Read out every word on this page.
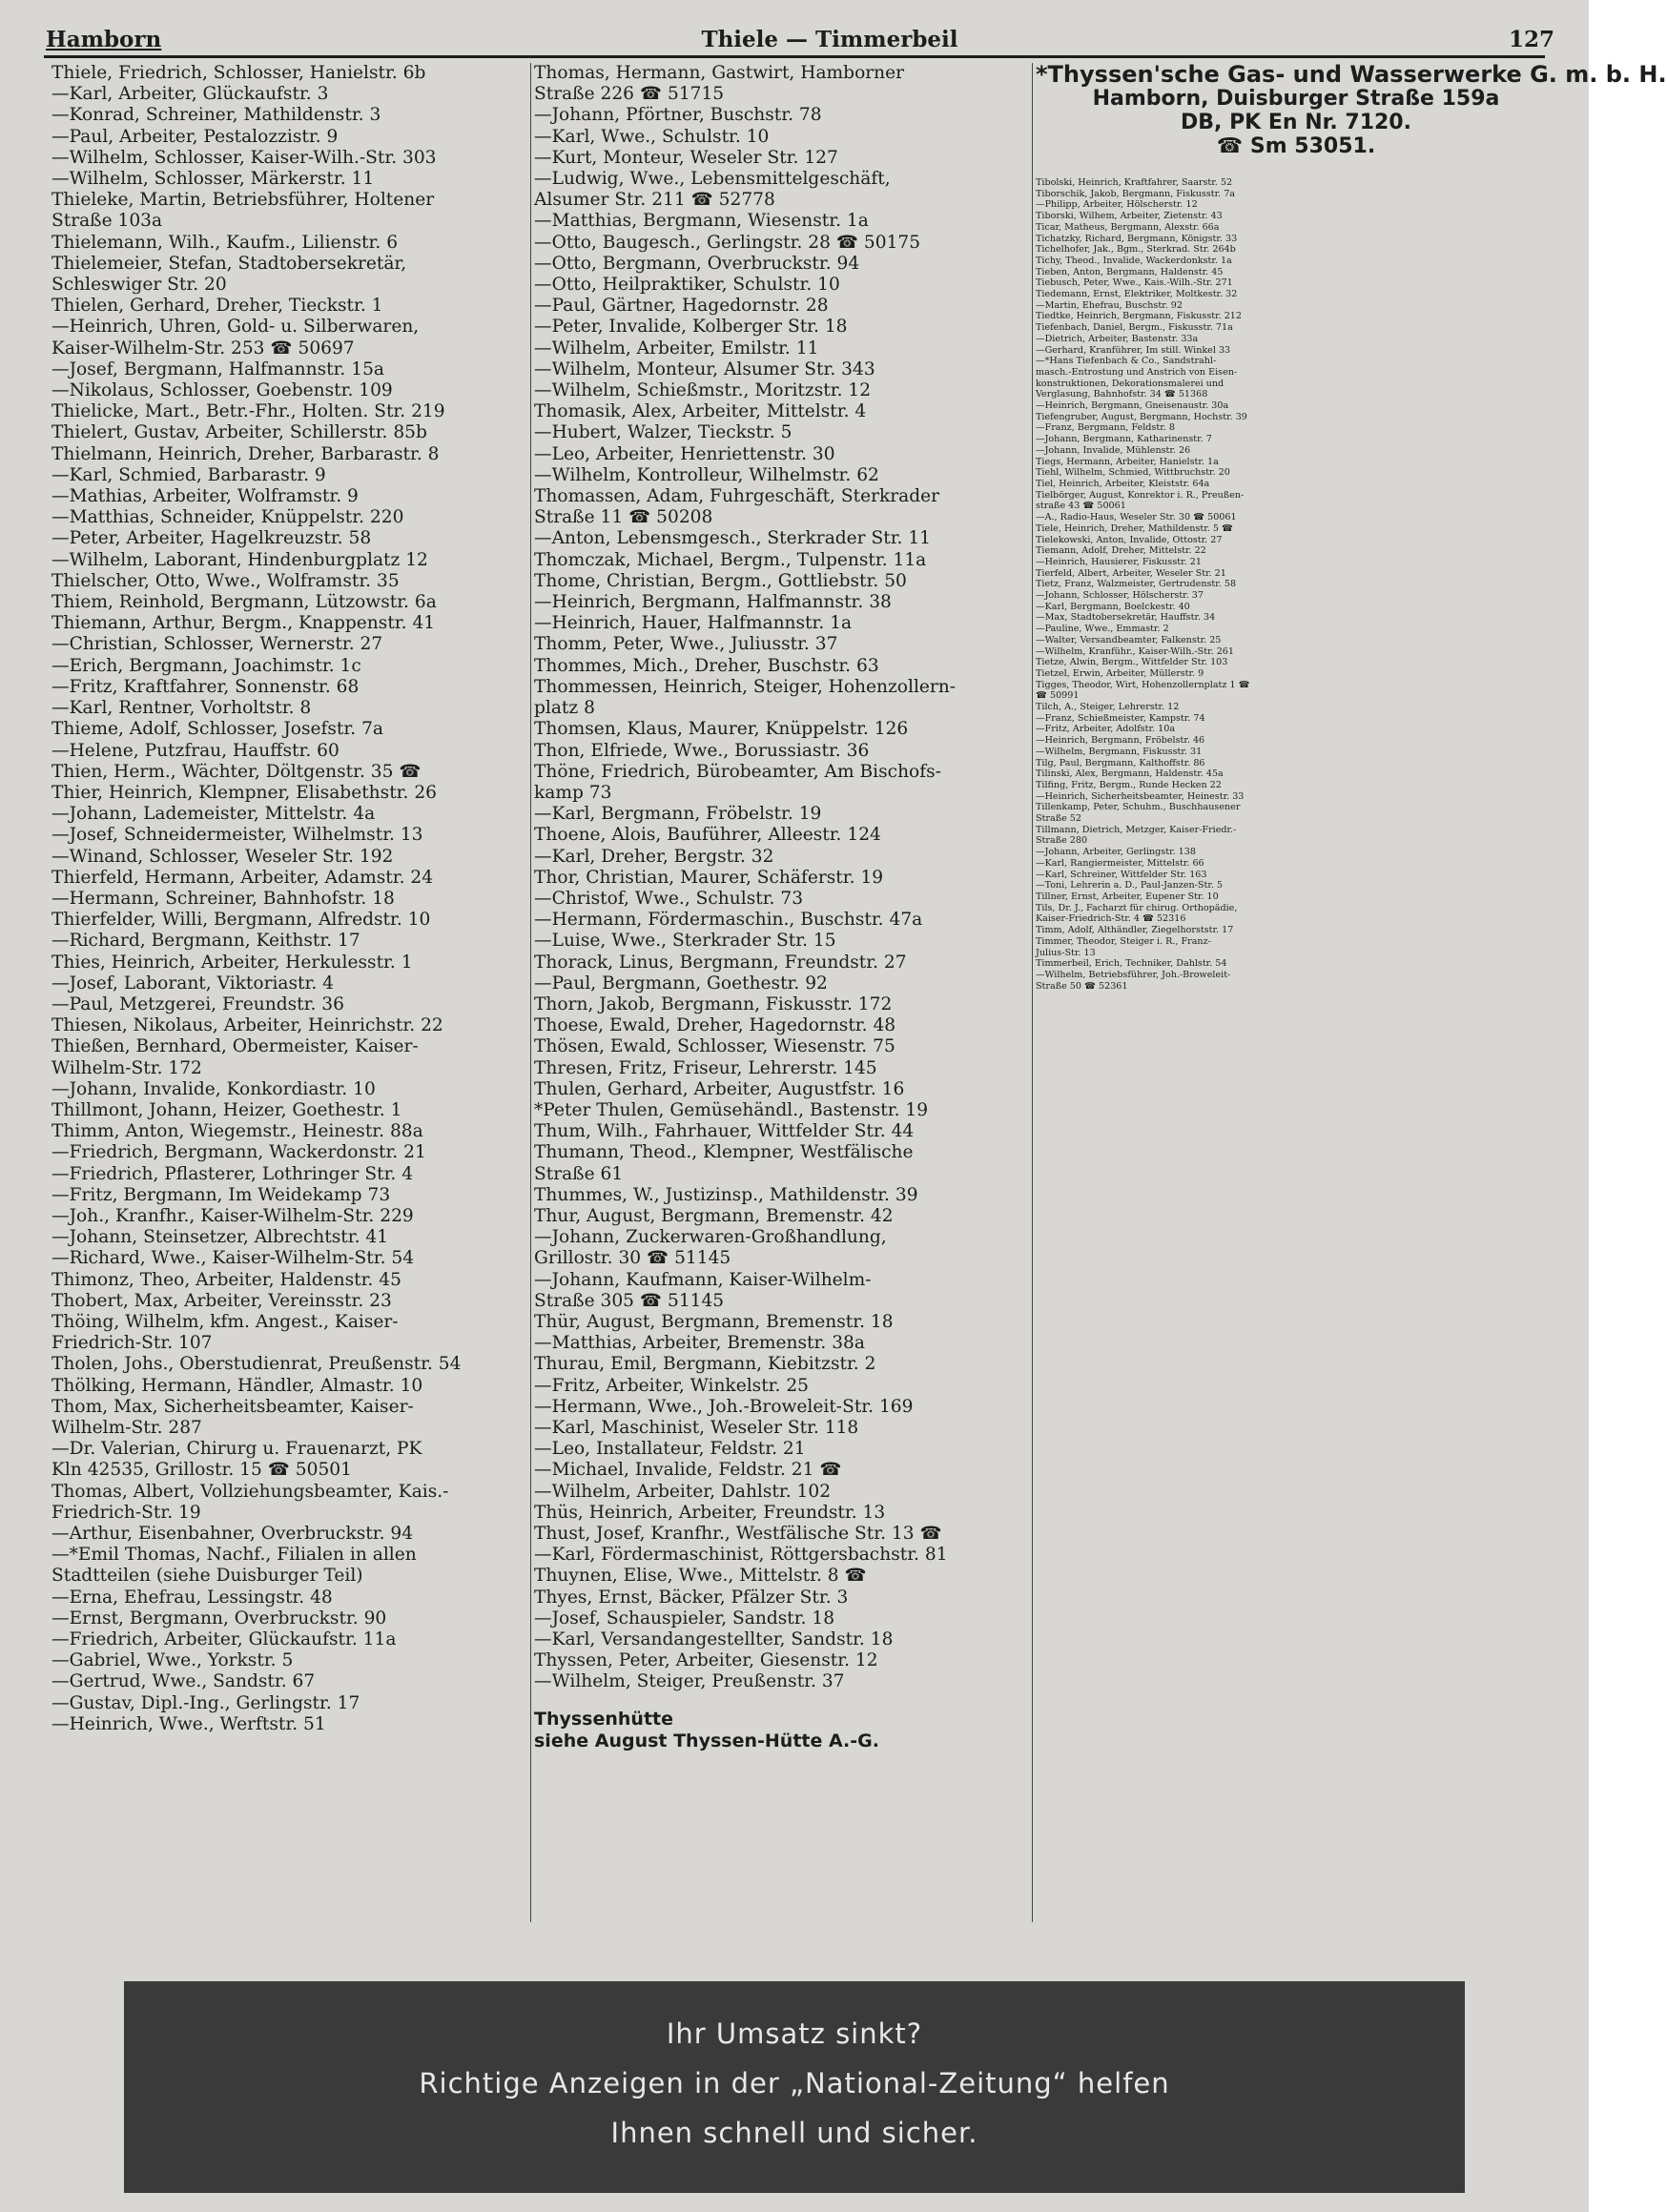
Hamborn	Thiele — Timmerbeil	127
Thiele, Friedrich, Schlosser, Hanielstr. 6b
—Karl, Arbeiter, Glückaufstr. 3
—Konrad, Schreiner, Mathildenstr. 3
—Paul, Arbeiter, Pestalozzistr. 9
—Wilhelm, Schlosser, Kaiser-Wilh.-Str. 303
—Wilhelm, Schlosser, Märkerstr. 11
Thieleke, Martin, Betriebsführer, Holtener
Straße 103a
Thielemann, Wilh., Kaufm., Lilienstr. 6
Thielemeier, Stefan, Stadtobersekretär,
Schleswiger Str. 20
Thielen, Gerhard, Dreher, Tieckstr. 1
—Heinrich, Uhren, Gold- u. Silberwaren,
Kaiser-Wilhelm-Str. 253 ☎ 50697
—Josef, Bergmann, Halfmannstr. 15a
—Nikolaus, Schlosser, Goebenstr. 109
Thielicke, Mart., Betr.-Fhr., Holten. Str. 219
Thielert, Gustav, Arbeiter, Schillerstr. 85b
Thielmann, Heinrich, Dreher, Barbarastr. 8
—Karl, Schmied, Barbarastr. 9
—Mathias, Arbeiter, Wolframstr. 9
—Matthias, Schneider, Knüppelstr. 220
—Peter, Arbeiter, Hagelkreuzstr. 58
—Wilhelm, Laborant, Hindenburgplatz 12
Thielscher, Otto, Wwe., Wolframstr. 35
Thiem, Reinhold, Bergmann, Lützowstr. 6a
Thiemann, Arthur, Bergm., Knappenstr. 41
—Christian, Schlosser, Wernerstr. 27
—Erich, Bergmann, Joachimstr. 1c
—Fritz, Kraftfahrer, Sonnenstr. 68
—Karl, Rentner, Vorholtstr. 8
Thieme, Adolf, Schlosser, Josefstr. 7a
—Helene, Putzfrau, Hauffstr. 60
Thien, Herm., Wächter, Döltgenstr. 35 ☎
Thier, Heinrich, Klempner, Elisabethstr. 26
—Johann, Lademeister, Mittelstr. 4a
—Josef, Schneidermeister, Wilhelmstr. 13
—Winand, Schlosser, Weseler Str. 192
Thierfeld, Hermann, Arbeiter, Adamstr. 24
—Hermann, Schreiner, Bahnhofstr. 18
Thierfelder, Willi, Bergmann, Alfredstr. 10
—Richard, Bergmann, Keithstr. 17
Thies, Heinrich, Arbeiter, Herkulesstr. 1
—Josef, Laborant, Viktoriastr. 4
—Paul, Metzgerei, Freundstr. 36
Thiesen, Nikolaus, Arbeiter, Heinrichstr. 22
Thießen, Bernhard, Obermeister, Kaiser-
Wilhelm-Str. 172
—Johann, Invalide, Konkordiastr. 10
Thillmont, Johann, Heizer, Goethestr. 1
Thimm, Anton, Wiegemstr., Heinestr. 88a
—Friedrich, Bergmann, Wackerdonstr. 21
—Friedrich, Pflasterer, Lothringer Str. 4
—Fritz, Bergmann, Im Weidekamp 73
—Joh., Kranfhr., Kaiser-Wilhelm-Str. 229
—Johann, Steinsetzer, Albrechtstr. 41
—Richard, Wwe., Kaiser-Wilhelm-Str. 54
Thimonz, Theo, Arbeiter, Haldenstr. 45
Thobert, Max, Arbeiter, Vereinsstr. 23
Thöing, Wilhelm, kfm. Angest., Kaiser-
Friedrich-Str. 107
Tholen, Johs., Oberstudienrat, Preußenstr. 54
Thölking, Hermann, Händler, Almastr. 10
Thom, Max, Sicherheitsbeamter, Kaiser-
Wilhelm-Str. 287
—Dr. Valerian, Chirurg u. Frauenarzt, PK
Kln 42535, Grillostr. 15 ☎ 50501
Thomas, Albert, Vollziehungsbeamter, Kais.-
Friedrich-Str. 19
—Arthur, Eisenbahner, Overbruckstr. 94
—*Emil Thomas, Nachf., Filialen in allen
Stadtteilen (siehe Duisburger Teil)
—Erna, Ehefrau, Lessingstr. 48
—Ernst, Bergmann, Overbruckstr. 90
—Friedrich, Arbeiter, Glückaufstr. 11a
—Gabriel, Wwe., Yorkstr. 5
—Gertrud, Wwe., Sandstr. 67
—Gustav, Dipl.-Ing., Gerlingstr. 17
—Heinrich, Wwe., Werftstr. 51
Thomas, Hermann, Gastwirt, Hamborner
Straße 226 ☎ 51715
—Johann, Pförtner, Buschstr. 78
—Karl, Wwe., Schulstr. 10
—Kurt, Monteur, Weseler Str. 127
—Ludwig, Wwe., Lebensmittelgeschäft,
Alsumer Str. 211 ☎ 52778
—Matthias, Bergmann, Wiesenstr. 1a
—Otto, Baugesch., Gerlingstr. 28 ☎ 50175
—Otto, Bergmann, Overbruckstr. 94
—Otto, Heilpraktiker, Schulstr. 10
—Paul, Gärtner, Hagedornstr. 28
—Peter, Invalide, Kolberger Str. 18
—Wilhelm, Arbeiter, Emilstr. 11
—Wilhelm, Monteur, Alsumer Str. 343
—Wilhelm, Schießmstr., Moritzstr. 12
Thomasik, Alex, Arbeiter, Mittelstr. 4
—Hubert, Walzer, Tieckstr. 5
—Leo, Arbeiter, Henriettenstr. 30
—Wilhelm, Kontrolleur, Wilhelmstr. 62
Thomassen, Adam, Fuhrgeschäft, Sterkrader
Straße 11 ☎ 50208
—Anton, Lebensmgesch., Sterkrader Str. 11
Thomczak, Michael, Bergm., Tulpenstr. 11a
Thome, Christian, Bergm., Gottliebstr. 50
—Heinrich, Bergmann, Halfmannstr. 38
—Heinrich, Hauer, Halfmannstr. 1a
Thomm, Peter, Wwe., Juliusstr. 37
Thommes, Mich., Dreher, Buschstr. 63
Thommessen, Heinrich, Steiger, Hohenzollern-
platz 8
Thomsen, Klaus, Maurer, Knüppelstr. 126
Thon, Elfriede, Wwe., Borussiastr. 36
Thöne, Friedrich, Bürobeamter, Am Bischofs-
kamp 73
—Karl, Bergmann, Fröbelstr. 19
Thoene, Alois, Bauführer, Alleestr. 124
—Karl, Dreher, Bergstr. 32
Thor, Christian, Maurer, Schäferstr. 19
—Christof, Wwe., Schulstr. 73
—Hermann, Fördermaschin., Buschstr. 47a
—Luise, Wwe., Sterkrader Str. 15
Thorack, Linus, Bergmann, Freundstr. 27
—Paul, Bergmann, Goethestr. 92
Thorn, Jakob, Bergmann, Fiskusstr. 172
Thoese, Ewald, Dreher, Hagedornstr. 48
Thösen, Ewald, Schlosser, Wiesenstr. 75
Thresen, Fritz, Friseur, Lehrerstr. 145
Thulen, Gerhard, Arbeiter, Augustfstr. 16
*Peter Thulen, Gemüsehändl., Bastenstr. 19
Thum, Wilh., Fahrhauer, Wittfelder Str. 44
Thumann, Theod., Klempner, Westfälische
Straße 61
Thummes, W., Justizinsp., Mathildenstr. 39
Thur, August, Bergmann, Bremenstr. 42
—Johann, Zuckerwaren-Großhandlung,
Grillostr. 30 ☎ 51145
—Johann, Kaufmann, Kaiser-Wilhelm-
Straße 305 ☎ 51145
Thür, August, Bergmann, Bremenstr. 18
—Matthias, Arbeiter, Bremenstr. 38a
Thurau, Emil, Bergmann, Kiebitzstr. 2
—Fritz, Arbeiter, Winkelstr. 25
—Hermann, Wwe., Joh.-Broweleit-Str. 169
—Karl, Maschinist, Weseler Str. 118
—Leo, Installateur, Feldstr. 21
—Michael, Invalide, Feldstr. 21 ☎
—Wilhelm, Arbeiter, Dahlstr. 102
Thüs, Heinrich, Arbeiter, Freundstr. 13
Thust, Josef, Kranfhr., Westfälische Str. 13 ☎
—Karl, Fördermaschinist, Röttgersbachstr. 81
Thuynen, Elise, Wwe., Mittelstr. 8 ☎
Thyes, Ernst, Bäcker, Pfälzer Str. 3
—Josef, Schauspieler, Sandstr. 18
—Karl, Versandangestellter, Sandstr. 18
Thyssen, Peter, Arbeiter, Giesenstr. 12
—Wilhelm, Steiger, Preußenstr. 37
Thyssenhütte
siehe August Thyssen-Hütte A.-G.
*Thyssen'sche Gas- und Wasserwerke G. m. b. H.
Hamborn, Duisburger Straße 159a
DB, PK En Nr. 7120.
☎ Sm 53051.
Tibolski, Heinrich, Kraftfahrer, Saarstr. 52
Tiborschik, Jakob, Bergmann, Fiskusstr. 7a
—Philipp, Arbeiter, Hölscherstr. 12
Tiborski, Wilhem, Arbeiter, Zietenstr. 43
Ticar, Matheus, Bergmann, Alexstr. 66a
Tichatzky, Richard, Bergmann, Königstr. 33
Tichelhofer, Jak., Bgm., Sterkrad. Str. 264b
Tichy, Theod., Invalide, Wackerdonkstr. 1a
Tieben, Anton, Bergmann, Haldenstr. 45
Tiebusch, Peter, Wwe., Kais.-Wilh.-Str. 271
Tiedemann, Ernst, Elektriker, Moltkestr. 32
—Martin, Ehefrau, Buschstr. 92
Tiedtke, Heinrich, Bergmann, Fiskusstr. 212
Tiefenbach, Daniel, Bergm., Fiskusstr. 71a
—Dietrich, Arbeiter, Bastenstr. 33a
—Gerhard, Kranführer, Im still. Winkel 33
—*Hans Tiefenbach & Co., Sandstrahl-
masch.-Entrostung und Anstrich von Eisen-
konstruktionen, Dekorationsmalerei und
Verglasung, Bahnhofstr. 34 ☎ 51368
—Heinrich, Bergmann, Gneisenaustr. 30a
Tiefengruber, August, Bergmann, Hochstr. 39
—Franz, Bergmann, Feldstr. 8
—Johann, Bergmann, Katharinenstr. 7
—Johann, Invalide, Mühlenstr. 26
Tiegs, Hermann, Arbeiter, Hanielstr. 1a
Tiehl, Wilhelm, Schmied, Wittbruchstr. 20
Tiel, Heinrich, Arbeiter, Kleiststr. 64a
Tielbörger, August, Konrektor i. R., Preußen-
straße 43 ☎ 50061
—A., Radio-Haus, Weseler Str. 30 ☎ 50061
Tiele, Heinrich, Dreher, Mathildenstr. 5 ☎
Tielekowski, Anton, Invalide, Ottostr. 27
Tiemann, Adolf, Dreher, Mittelstr. 22
—Heinrich, Hausierer, Fiskusstr. 21
Tierfeld, Albert, Arbeiter, Weseler Str. 21
Tietz, Franz, Walzmeister, Gertrudenstr. 58
—Johann, Schlosser, Hölscherstr. 37
—Karl, Bergmann, Boelckestr. 40
—Max, Stadtobersekretär, Hauffstr. 34
—Pauline, Wwe., Emmastr. 2
—Walter, Versandbeamter, Falkenstr. 25
—Wilhelm, Kranführ., Kaiser-Wilh.-Str. 261
Tietze, Alwin, Bergm., Wittfelder Str. 103
Tietzel, Erwin, Arbeiter, Müllerstr. 9
Tigges, Theodor, Wirt, Hohenzollernplatz 1 ☎
☎ 50991
Tilch, A., Steiger, Lehrerstr. 12
—Franz, Schießmeister, Kampstr. 74
—Fritz, Arbeiter, Adolfstr. 10a
—Heinrich, Bergmann, Fröbelstr. 46
—Wilhelm, Bergmann, Fiskusstr. 31
Tilg, Paul, Bergmann, Kalthoffstr. 86
Tilinski, Alex, Bergmann, Haldenstr. 45a
Tilfing, Fritz, Bergm., Runde Hecken 22
—Heinrich, Sicherheitsbeamter, Heinestr. 33
Tillenkamp, Peter, Schuhm., Buschhausener
Straße 52
Tillmann, Dietrich, Metzger, Kaiser-Friedr.-
Straße 280
—Johann, Arbeiter, Gerlingstr. 138
—Karl, Rangiermeister, Mittelstr. 66
—Karl, Schreiner, Wittfelder Str. 163
—Toni, Lehrerin a. D., Paul-Janzen-Str. 5
Tillner, Ernst, Arbeiter, Eupener Str. 10
Tils, Dr. J., Facharzt für chirug. Orthopädie,
Kaiser-Friedrich-Str. 4 ☎ 52316
Timm, Adolf, Althändler, Ziegelhorststr. 17
Timmer, Theodor, Steiger i. R., Franz-
Julius-Str. 13
Timmerbeil, Erich, Techniker, Dahlstr. 54
—Wilhelm, Betriebsführer, Joh.-Broweleit-
Straße 50 ☎ 52361
Ihr Umsatz sinkt?
Richtige Anzeigen in der „National-Zeitung“ helfen
Ihnen schnell und sicher.
